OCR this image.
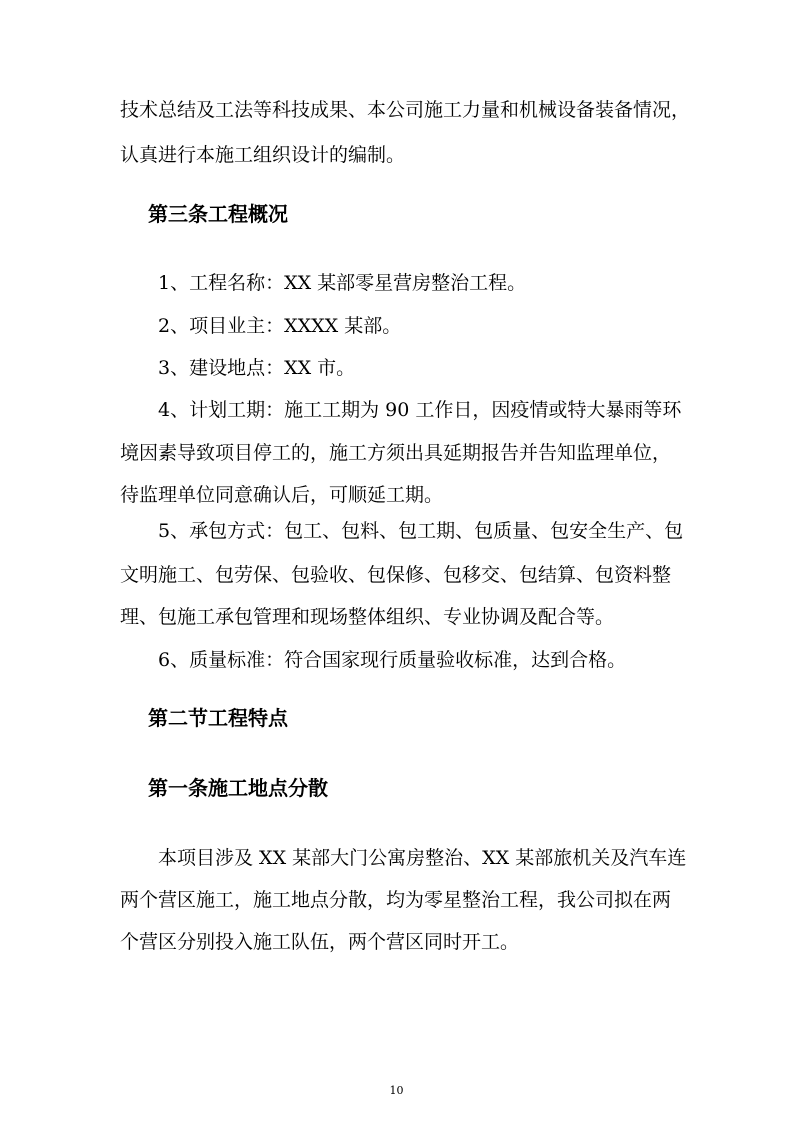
技术总结及工法等科技成果、本公司施工力量和机械设备装备情况，
认真进行本施工组织设计的编制。
第三条工程概况
1、工程名称：XX 某部零星营房整治工程。
2、项目业主：XXXX 某部。
3、建设地点：XX 市。
4、计划工期：施工工期为 90 工作日，因疫情或特大暴雨等环
境因素导致项目停工的，施工方须出具延期报告并告知监理单位，
待监理单位同意确认后，可顺延工期。
5、承包方式：包工、包料、包工期、包质量、包安全生产、包
文明施工、包劳保、包验收、包保修、包移交、包结算、包资料整
理、包施工承包管理和现场整体组织、专业协调及配合等。
6、质量标准：符合国家现行质量验收标准，达到合格。
第二节工程特点
第一条施工地点分散
本项目涉及 XX 某部大门公寓房整治、XX 某部旅机关及汽车连
两个营区施工，施工地点分散，均为零星整治工程，我公司拟在两
个营区分别投入施工队伍，两个营区同时开工。
10
